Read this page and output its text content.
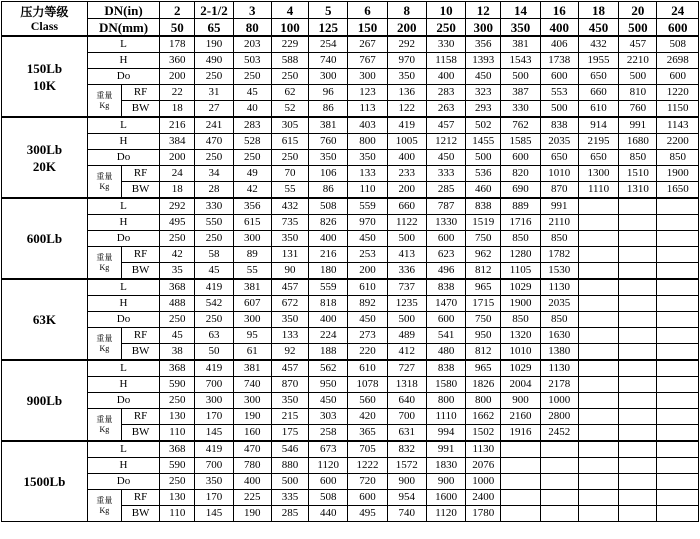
压力等级
Class	DN(in)		2	2-1/2	3	4	5	6	8	10	12	14	16	18	20	24
	DN(mm)		50	65	80	100	125	150	200	250	300	350	400	450	500	600

150Lb
10K	L		178	190	203	229	254	267	292	330	356	381	406	432	457	508
	H		360	490	503	588	740	767	970	1158	1393	1543	1738	1955	2210	2698
	Do		200	250	250	250	300	300	350	400	450	500	600	650	500	600

	重量
Kg	RF	22	31	45	62	96	123	136	283	323	387	553	660	810	1220
		BW	18	27	40	52	86	113	122	263	293	330	500	610	760	1150

300Lb
20K	L		216	241	283	305	381	403	419	457	502	762	838	914	991	1143
	H		384	470	528	615	760	800	1005	1212	1455	1585	2035	2195	1680	2200
	Do		200	250	250	250	350	350	400	450	500	600	650	650	850	850

	重量
Kg	RF	24	34	49	70	106	133	233	333	536	820	1010	1300	1510	1900
		BW	18	28	42	55	86	110	200	285	460	690	870	1110	1310	1650

600Lb	L		292	330	356	432	508	559	660	787	838	889	991			
	H		495	550	615	735	826	970	1122	1330	1519	1716	2110			
	Do		250	250	300	350	400	450	500	600	750	850	850			

	重量
Kg	RF	42	58	89	131	216	253	413	623	962	1280	1782			
		BW	35	45	55	90	180	200	336	496	812	1105	1530			

63K	L		368	419	381	457	559	610	737	838	965	1029	1130			
	H		488	542	607	672	818	892	1235	1470	1715	1900	2035			
	Do		250	250	300	350	400	450	500	600	750	850	850			

	重量
Kg	RF	45	63	95	133	224	273	489	541	950	1320	1630			
		BW	38	50	61	92	188	220	412	480	812	1010	1380			

900Lb	L		368	419	381	457	562	610	727	838	965	1029	1130			
	H		590	700	740	870	950	1078	1318	1580	1826	2004	2178			
	Do		250	300	300	350	450	560	640	800	800	900	1000			

	重量
Kg	RF	130	170	190	215	303	420	700	1110	1662	2160	2800			
		BW	110	145	160	175	258	365	631	994	1502	1916	2452			

1500Lb	L		368	419	470	546	673	705	832	991	1130					
	H		590	700	780	880	1120	1222	1572	1830	2076					
	Do		250	350	400	500	600	720	900	900	1000					

	重量
Kg	RF	130	170	225	335	508	600	954	1600	2400					
		BW	110	145	190	285	440	495	740	1120	1780					
